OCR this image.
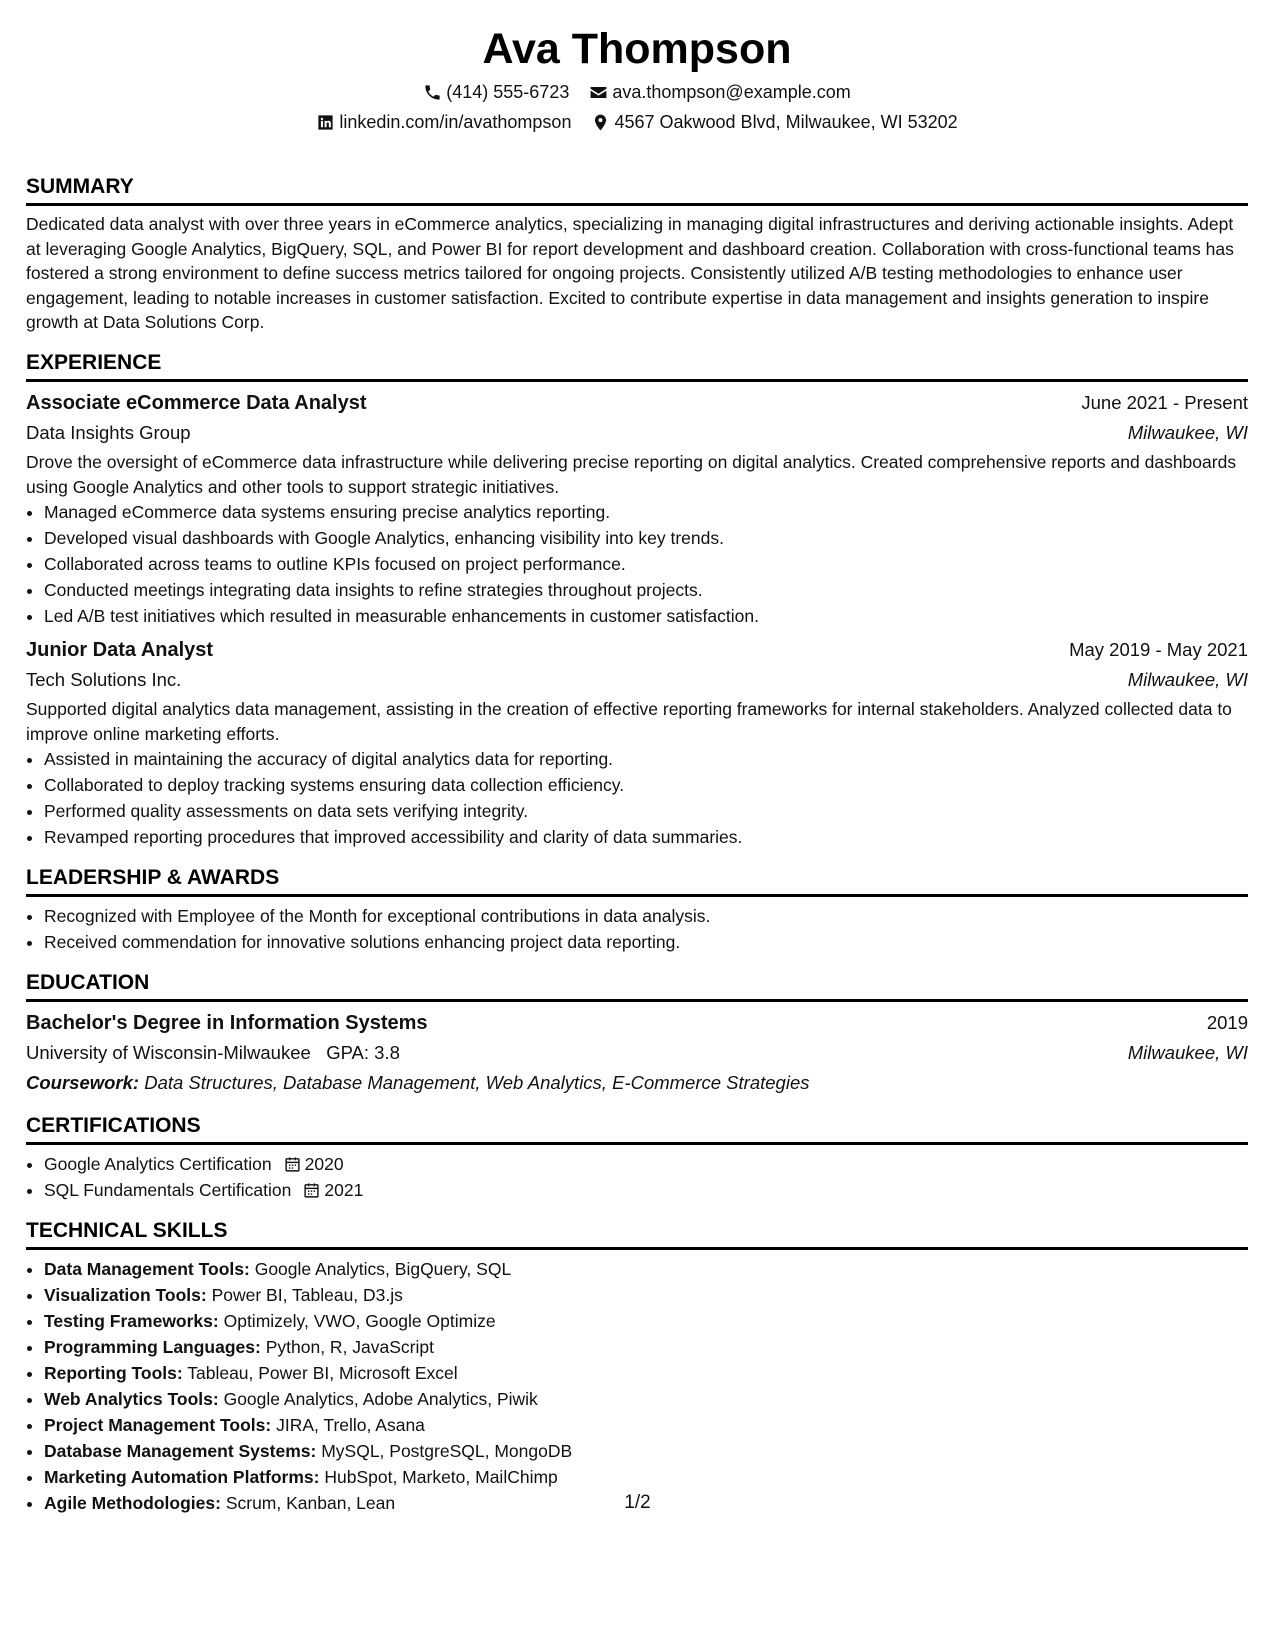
Ava Thompson
(414) 555-6723 ava.thompson@example.com
linkedin.com/in/avathompson 4567 Oakwood Blvd, Milwaukee, WI 53202
SUMMARY
Dedicated data analyst with over three years in eCommerce analytics, specializing in managing digital infrastructures and deriving actionable insights. Adept at leveraging Google Analytics, BigQuery, SQL, and Power BI for report development and dashboard creation. Collaboration with cross-functional teams has fostered a strong environment to define success metrics tailored for ongoing projects. Consistently utilized A/B testing methodologies to enhance user engagement, leading to notable increases in customer satisfaction. Excited to contribute expertise in data management and insights generation to inspire growth at Data Solutions Corp.
EXPERIENCE
Associate eCommerce Data Analyst	June 2021 - Present
Data Insights Group	Milwaukee, WI
Drove the oversight of eCommerce data infrastructure while delivering precise reporting on digital analytics. Created comprehensive reports and dashboards using Google Analytics and other tools to support strategic initiatives.
• Managed eCommerce data systems ensuring precise analytics reporting.
• Developed visual dashboards with Google Analytics, enhancing visibility into key trends.
• Collaborated across teams to outline KPIs focused on project performance.
• Conducted meetings integrating data insights to refine strategies throughout projects.
• Led A/B test initiatives which resulted in measurable enhancements in customer satisfaction.
Junior Data Analyst	May 2019 - May 2021
Tech Solutions Inc.	Milwaukee, WI
Supported digital analytics data management, assisting in the creation of effective reporting frameworks for internal stakeholders. Analyzed collected data to improve online marketing efforts.
• Assisted in maintaining the accuracy of digital analytics data for reporting.
• Collaborated to deploy tracking systems ensuring data collection efficiency.
• Performed quality assessments on data sets verifying integrity.
• Revamped reporting procedures that improved accessibility and clarity of data summaries.
LEADERSHIP & AWARDS
• Recognized with Employee of the Month for exceptional contributions in data analysis.
• Received commendation for innovative solutions enhancing project data reporting.
EDUCATION
Bachelor's Degree in Information Systems	2019
University of Wisconsin-Milwaukee GPA: 3.8	Milwaukee, WI
Coursework: Data Structures, Database Management, Web Analytics, E-Commerce Strategies
CERTIFICATIONS
• Google Analytics Certification 2020
• SQL Fundamentals Certification 2021
TECHNICAL SKILLS
• Data Management Tools: Google Analytics, BigQuery, SQL
• Visualization Tools: Power BI, Tableau, D3.js
• Testing Frameworks: Optimizely, VWO, Google Optimize
• Programming Languages: Python, R, JavaScript
• Reporting Tools: Tableau, Power BI, Microsoft Excel
• Web Analytics Tools: Google Analytics, Adobe Analytics, Piwik
• Project Management Tools: JIRA, Trello, Asana
• Database Management Systems: MySQL, PostgreSQL, MongoDB
• Marketing Automation Platforms: HubSpot, Marketo, MailChimp
• Agile Methodologies: Scrum, Kanban, Lean	1/2
